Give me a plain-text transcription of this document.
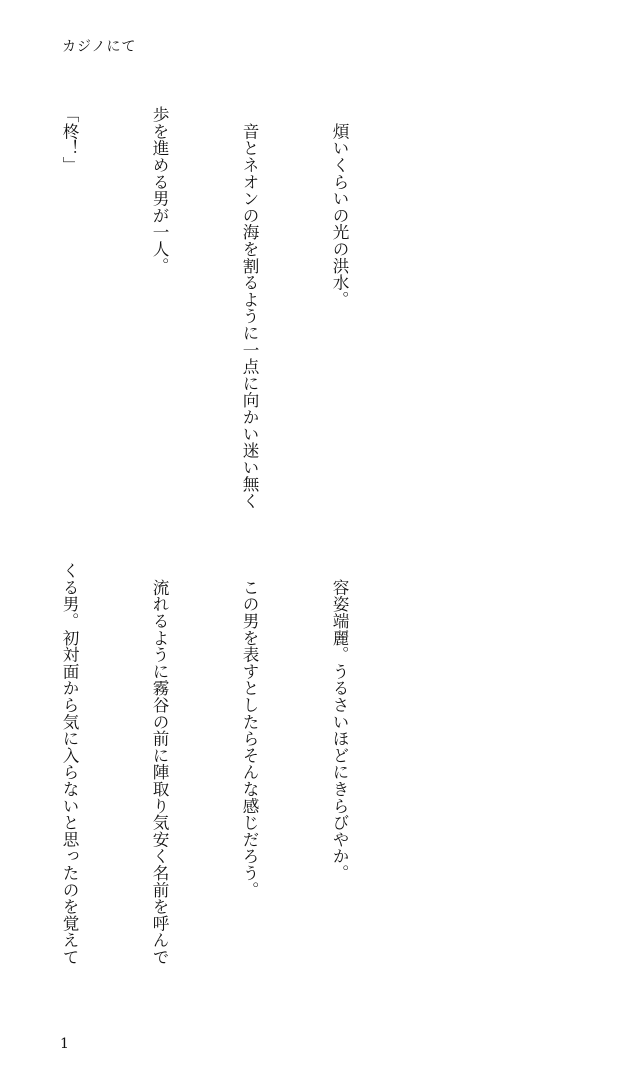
カジノにて

　煩いくらいの光の洪水。

　音とネオンの海を割るように一点に向かい迷い無く

歩を進める男が一人。

「柊！」

　容姿端麗。うるさいほどにきらびやか。

　この男を表すとしたらそんな感じだろう。

　流れるように霧谷の前に陣取り気安く名前を呼んで

くる男。初対面から気に入らないと思ったのを覚えて

1
